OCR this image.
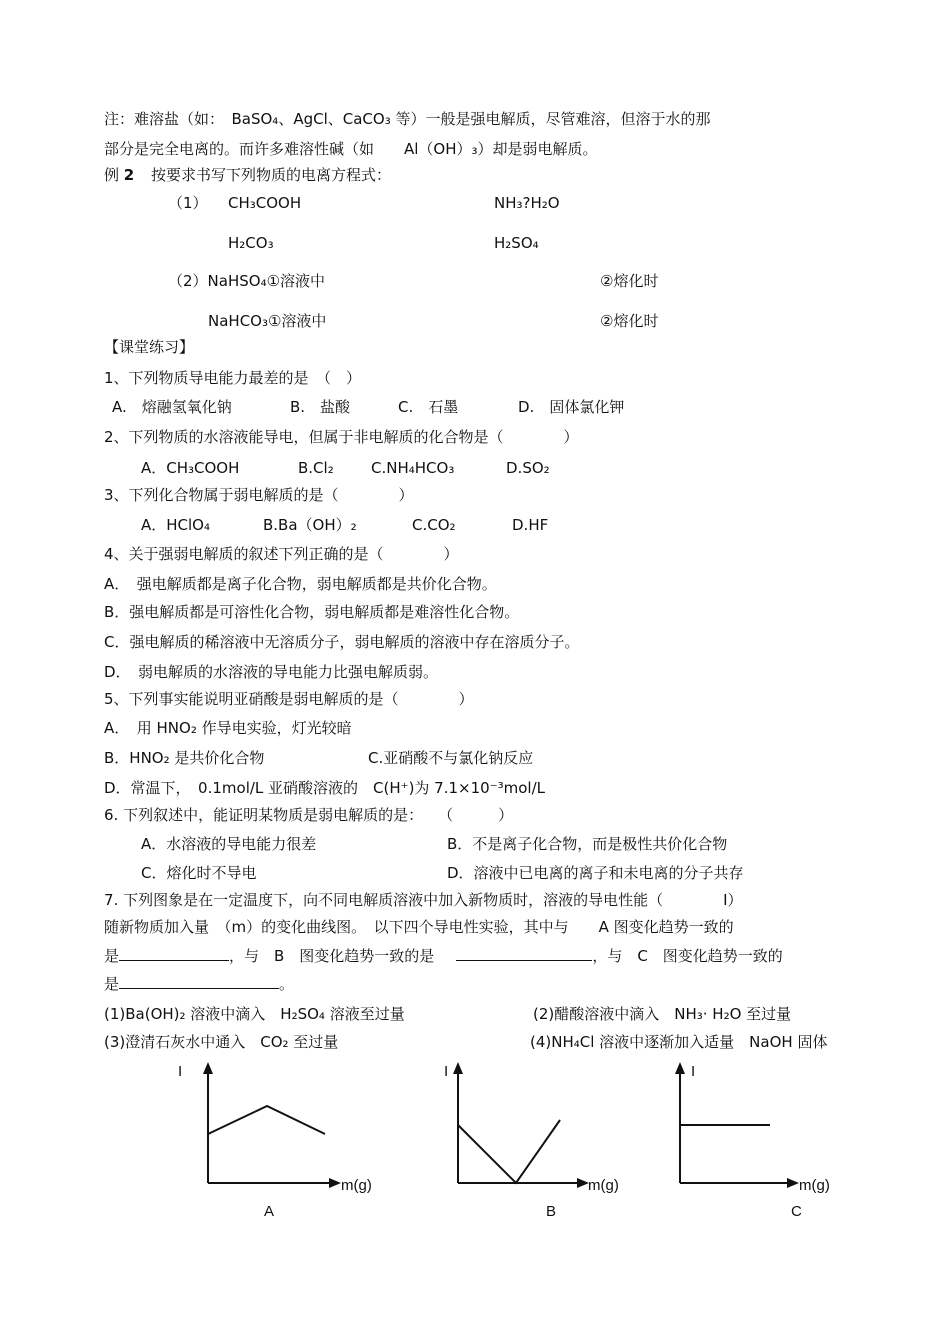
注：难溶盐（如：　BaSO₄、AgCl、CaCO₃ 等）一般是强电解质，尽管难溶，但溶于水的那
部分是完全电离的。而许多难溶性碱（如　　Al（OH）₃）却是弱电解质。
例 2 按要求书写下列物质的电离方程式：
（1） CH₃COOH	NH₃?H₂O
H₂CO₃	H₂SO₄
（2）NaHSO₄①溶液中	②熔化时
NaHCO₃①溶液中	②熔化时
【课堂练习】
1、下列物质导电能力最差的是　（　）
A.　熔融氢氧化钠	B.　盐酸	C.　石墨	D.　固体氯化钾
2、下列物质的水溶液能导电，但属于非电解质的化合物是（　　　　）
A．CH₃COOH	B.Cl₂ C.NH₄HCO₃	D.SO₂
3、下列化合物属于弱电解质的是（　　　　）
A．HClO₄	B.Ba（OH）₂	C.CO₂	D.HF
4、关于强弱电解质的叙述下列正确的是（　　　　）
A．　强电解质都是离子化合物，弱电解质都是共价化合物。
B．强电解质都是可溶性化合物，弱电解质都是难溶性化合物。
C．强电解质的稀溶液中无溶质分子，弱电解质的溶液中存在溶质分子。
D．　弱电解质的水溶液的导电能力比强电解质弱。
5、下列事实能说明亚硝酸是弱电解质的是（　　　　）
A．　用 HNO₂ 作导电实验，灯光较暗
B．HNO₂ 是共价化合物	C.亚硝酸不与氯化钠反应
D．常温下，　0.1mol/L 亚硝酸溶液的　C(H⁺)为 7.1×10⁻³mol/L
6. 下列叙述中，能证明某物质是弱电解质的是：　　（　　　）
A．水溶液的导电能力很差	B．不是离子化合物，而是极性共价化合物
C．熔化时不导电	D．溶液中已电离的离子和未电离的分子共存
7. 下列图象是在一定温度下，向不同电解质溶液中加入新物质时，溶液的导电性能（　　　　I）
随新物质加入量　（m）的变化曲线图。　以下四个导电性实验，其中与　　A 图变化趋势一致的
是	，与　B　图变化趋势一致的是	，与　C　图变化趋势一致的
是	。
(1)Ba(OH)₂ 溶液中滴入　H₂SO₄ 溶液至过量	(2)醋酸溶液中滴入　NH₃· H₂O 至过量
(3)澄清石灰水中通入　CO₂ 至过量	(4)NH₄Cl 溶液中逐渐加入适量　NaOH 固体
I
m(g)
A
I
m(g)
B
I
m(g)
C
